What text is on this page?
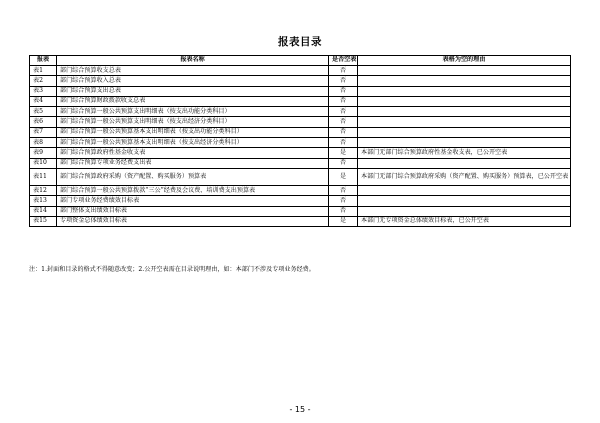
报表目录
报表	报表名称	是否空表	表格为空的理由
表1	部门综合预算收支总表	否	
表2	部门综合预算收入总表	否	
表3	部门综合预算支出总表	否	
表4	部门综合预算财政拨款收支总表	否	
表5	部门综合预算一般公共预算支出明细表（按支出功能分类科目）	否	
表6	部门综合预算一般公共预算支出明细表（按支出经济分类科目）	否	
表7	部门综合预算一般公共预算基本支出明细表（按支出功能分类科目）	否	
表8	部门综合预算一般公共预算基本支出明细表（按支出经济分类科目）	否	
表9	部门综合预算政府性基金收支表	是	本部门无部门综合预算政府性基金收支表，已公开空表
表10	部门综合预算专项业务经费支出表	否	
表11	部门综合预算政府采购（资产配置、购买服务）预算表	是	本部门无部门综合预算政府采购（资产配置、购买服务）预算表，已公开空表
表12	部门综合预算一般公共预算拨款“三公”经费及会议费、培训费支出预算表	否	
表13	部门专项业务经费绩效目标表	否	
表14	部门整体支出绩效目标表	否	
表15	专项资金总体绩效目标表	是	本部门无专项资金总体绩效目标表，已公开空表
注：1.封面和目录的格式不得随意改变；2.公开空表需在目录说明理由，如：本部门不涉及专项业务经费。
- 15 -
